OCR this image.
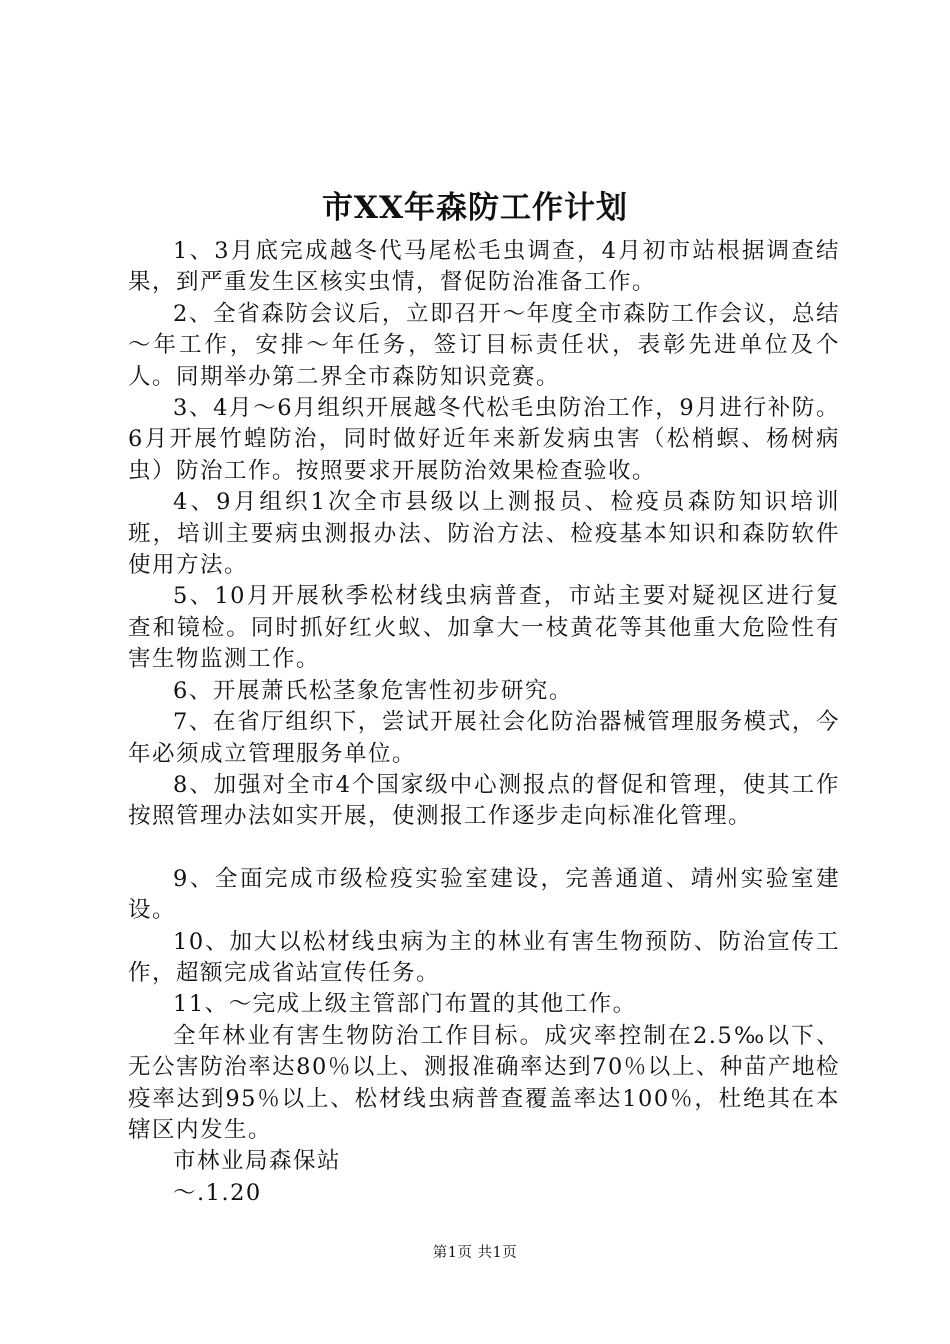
市XX年森防工作计划

1、3月底完成越冬代马尾松毛虫调查，4月初市站根据调查结果，到严重发生区核实虫情，督促防治准备工作。

2、全省森防会议后，立即召开～年度全市森防工作会议，总结～年工作，安排～年任务，签订目标责任状，表彰先进单位及个人。同期举办第二界全市森防知识竞赛。

3、4月～6月组织开展越冬代松毛虫防治工作，9月进行补防。6月开展竹蝗防治，同时做好近年来新发病虫害（松梢螟、杨树病虫）防治工作。按照要求开展防治效果检查验收。

4、9月组织1次全市县级以上测报员、检疫员森防知识培训班，培训主要病虫测报办法、防治方法、检疫基本知识和森防软件使用方法。

5、10月开展秋季松材线虫病普查，市站主要对疑视区进行复查和镜检。同时抓好红火蚁、加拿大一枝黄花等其他重大危险性有害生物监测工作。

6、开展萧氏松茎象危害性初步研究。

7、在省厅组织下，尝试开展社会化防治器械管理服务模式，今年必须成立管理服务单位。

8、加强对全市4个国家级中心测报点的督促和管理，使其工作按照管理办法如实开展，使测报工作逐步走向标准化管理。

9、全面完成市级检疫实验室建设，完善通道、靖州实验室建设。

10、加大以松材线虫病为主的林业有害生物预防、防治宣传工作，超额完成省站宣传任务。

11、～完成上级主管部门布置的其他工作。

全年林业有害生物防治工作目标。成灾率控制在2.5‰以下、无公害防治率达80％以上、测报准确率达到70％以上、种苗产地检疫率达到95％以上、松材线虫病普查覆盖率达100％，杜绝其在本辖区内发生。

市林业局森保站

～.1.20

第1页 共1页
